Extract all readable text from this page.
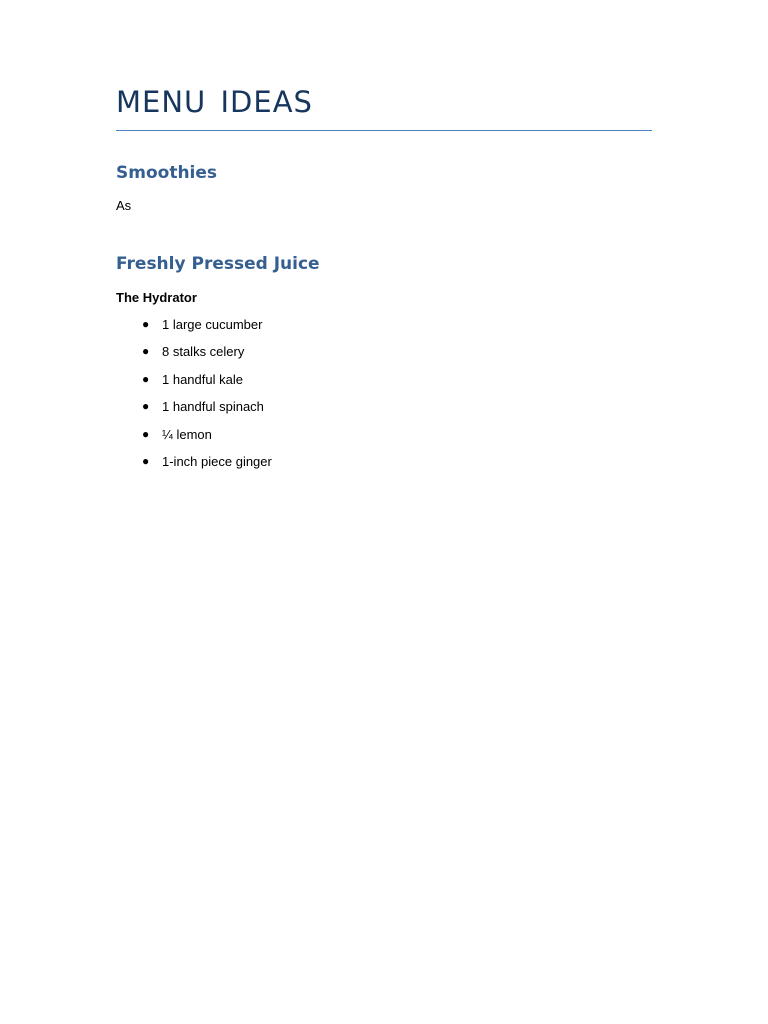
MENU IDEAS
Smoothies
As
Freshly Pressed Juice
The Hydrator
● 1 large cucumber
● 8 stalks celery
● 1 handful kale
● 1 handful spinach
● ¼ lemon
● 1-inch piece ginger
